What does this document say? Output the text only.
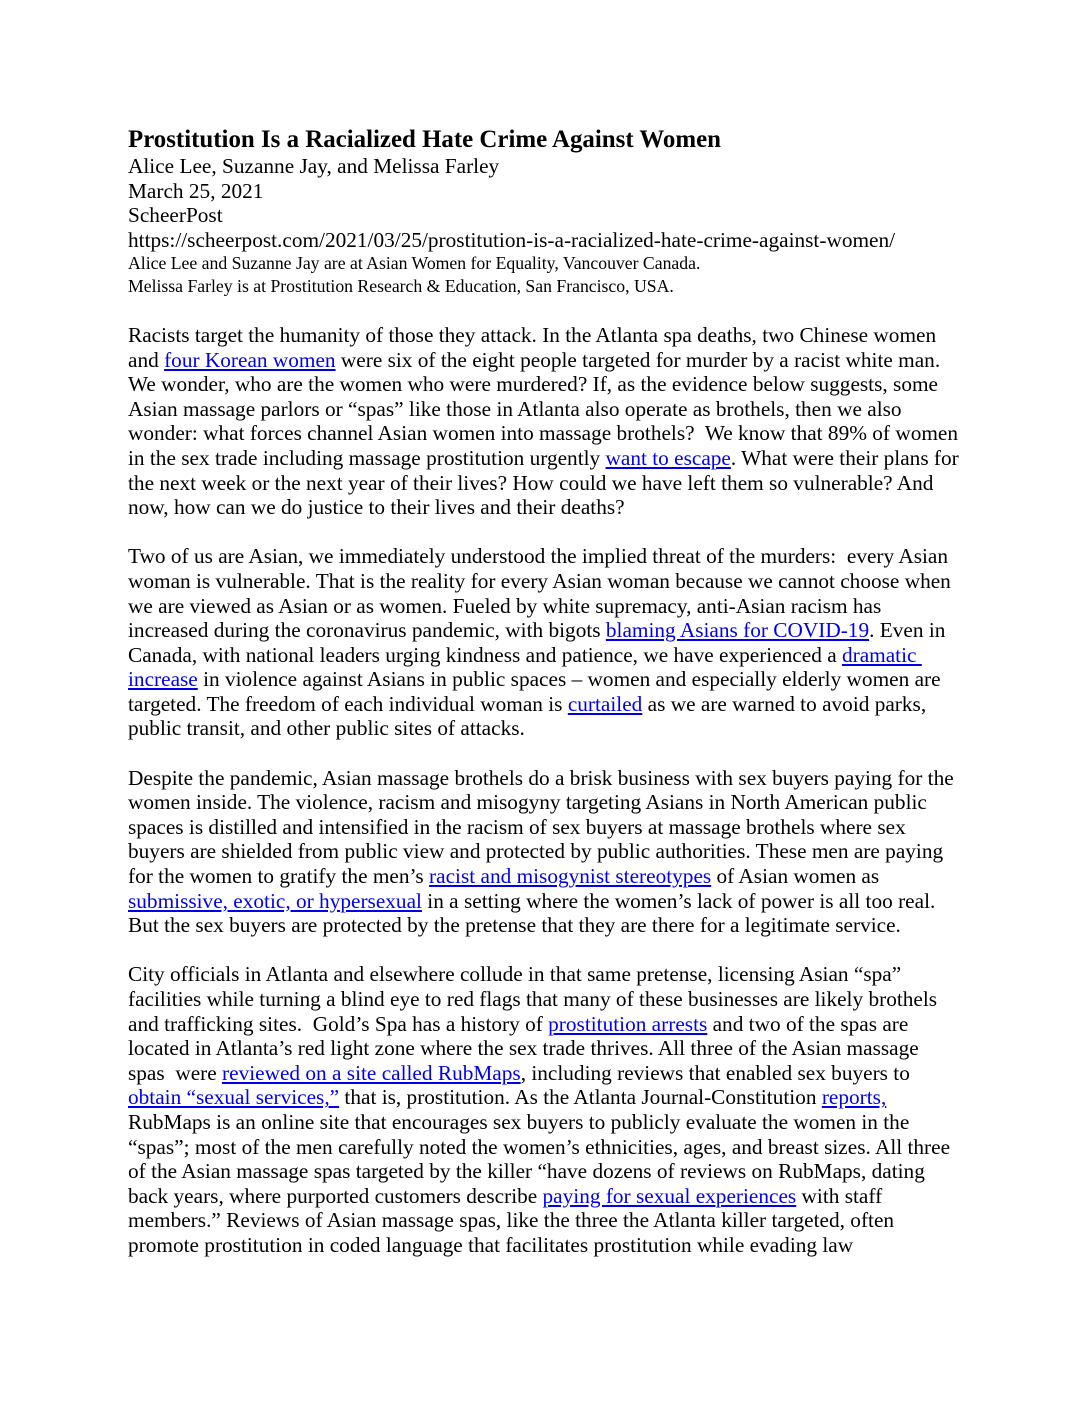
Prostitution Is a Racialized Hate Crime Against Women
Alice Lee, Suzanne Jay, and Melissa Farley
March 25, 2021
ScheerPost
https://scheerpost.com/2021/03/25/prostitution-is-a-racialized-hate-crime-against-women/
Alice Lee and Suzanne Jay are at Asian Women for Equality, Vancouver Canada.
Melissa Farley is at Prostitution Research & Education, San Francisco, USA.

Racists target the humanity of those they attack. In the Atlanta spa deaths, two Chinese women and four Korean women were six of the eight people targeted for murder by a racist white man. We wonder, who are the women who were murdered? If, as the evidence below suggests, some Asian massage parlors or “spas” like those in Atlanta also operate as brothels, then we also wonder: what forces channel Asian women into massage brothels?  We know that 89% of women in the sex trade including massage prostitution urgently want to escape. What were their plans for the next week or the next year of their lives? How could we have left them so vulnerable? And now, how can we do justice to their lives and their deaths?

Two of us are Asian, we immediately understood the implied threat of the murders:  every Asian woman is vulnerable. That is the reality for every Asian woman because we cannot choose when we are viewed as Asian or as women. Fueled by white supremacy, anti-Asian racism has increased during the coronavirus pandemic, with bigots blaming Asians for COVID-19. Even in Canada, with national leaders urging kindness and patience, we have experienced a dramatic increase in violence against Asians in public spaces – women and especially elderly women are targeted. The freedom of each individual woman is curtailed as we are warned to avoid parks, public transit, and other public sites of attacks.

Despite the pandemic, Asian massage brothels do a brisk business with sex buyers paying for the women inside. The violence, racism and misogyny targeting Asians in North American public spaces is distilled and intensified in the racism of sex buyers at massage brothels where sex buyers are shielded from public view and protected by public authorities. These men are paying for the women to gratify the men’s racist and misogynist stereotypes of Asian women as submissive, exotic, or hypersexual in a setting where the women’s lack of power is all too real. But the sex buyers are protected by the pretense that they are there for a legitimate service.

City officials in Atlanta and elsewhere collude in that same pretense, licensing Asian “spa” facilities while turning a blind eye to red flags that many of these businesses are likely brothels and trafficking sites.  Gold’s Spa has a history of prostitution arrests and two of the spas are located in Atlanta’s red light zone where the sex trade thrives. All three of the Asian massage spas  were reviewed on a site called RubMaps, including reviews that enabled sex buyers to obtain “sexual services,” that is, prostitution. As the Atlanta Journal-Constitution reports, RubMaps is an online site that encourages sex buyers to publicly evaluate the women in the “spas”; most of the men carefully noted the women’s ethnicities, ages, and breast sizes. All three of the Asian massage spas targeted by the killer “have dozens of reviews on RubMaps, dating back years, where purported customers describe paying for sexual experiences with staff members.” Reviews of Asian massage spas, like the three the Atlanta killer targeted, often promote prostitution in coded language that facilitates prostitution while evading law
